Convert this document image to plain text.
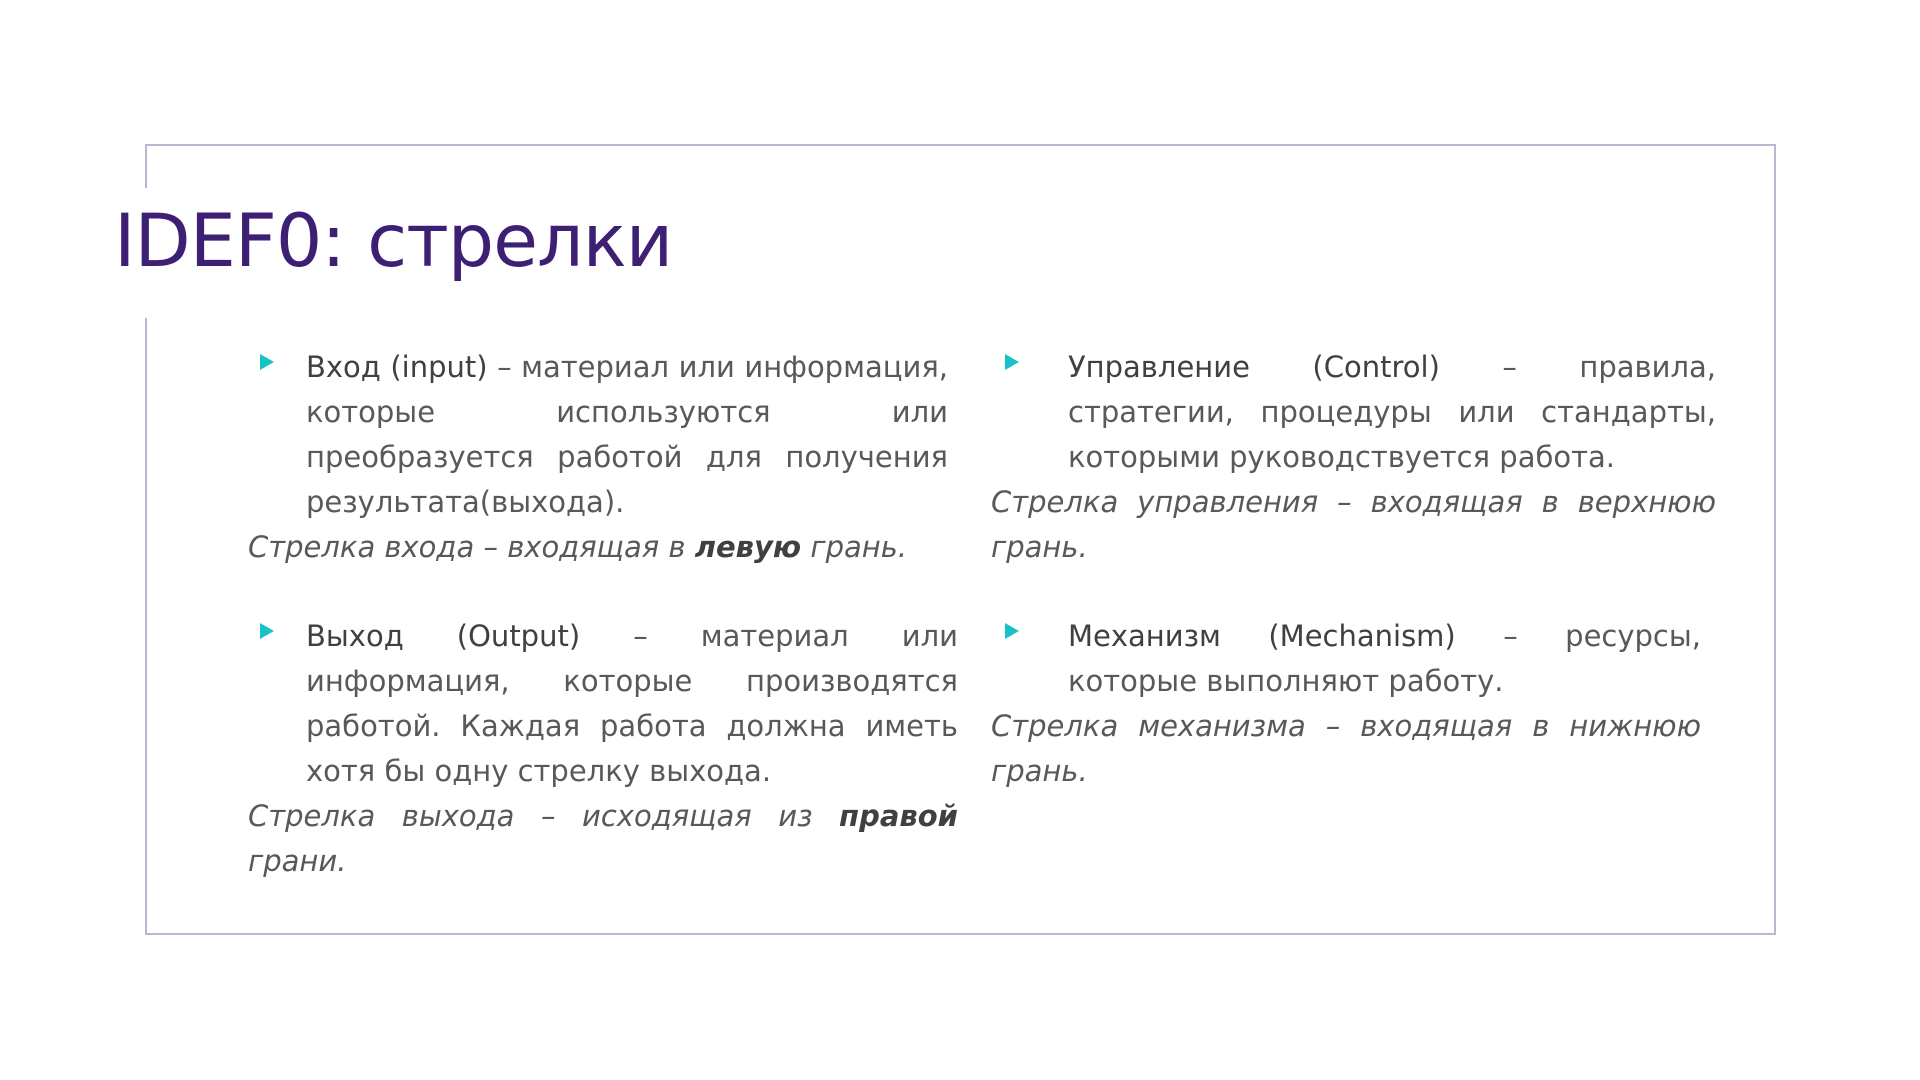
IDEF0: стрелки

Вход (input) – материал или информация, которые используются или преобразуется работой для получения результата(выхода).

Стрелка входа – входящая в левую грань.

Выход (Output) – материал или информация, которые производятся работой. Каждая работа должна иметь хотя бы одну стрелку выхода.

Стрелка выхода – исходящая из правой грани.

Управление (Control) – правила, стратегии, процедуры или стандарты, которыми руководствуется работа.

Стрелка управления – входящая в верхнюю грань.

Механизм (Mechanism) – ресурсы, которые выполняют работу.

Стрелка механизма – входящая в нижнюю грань.
